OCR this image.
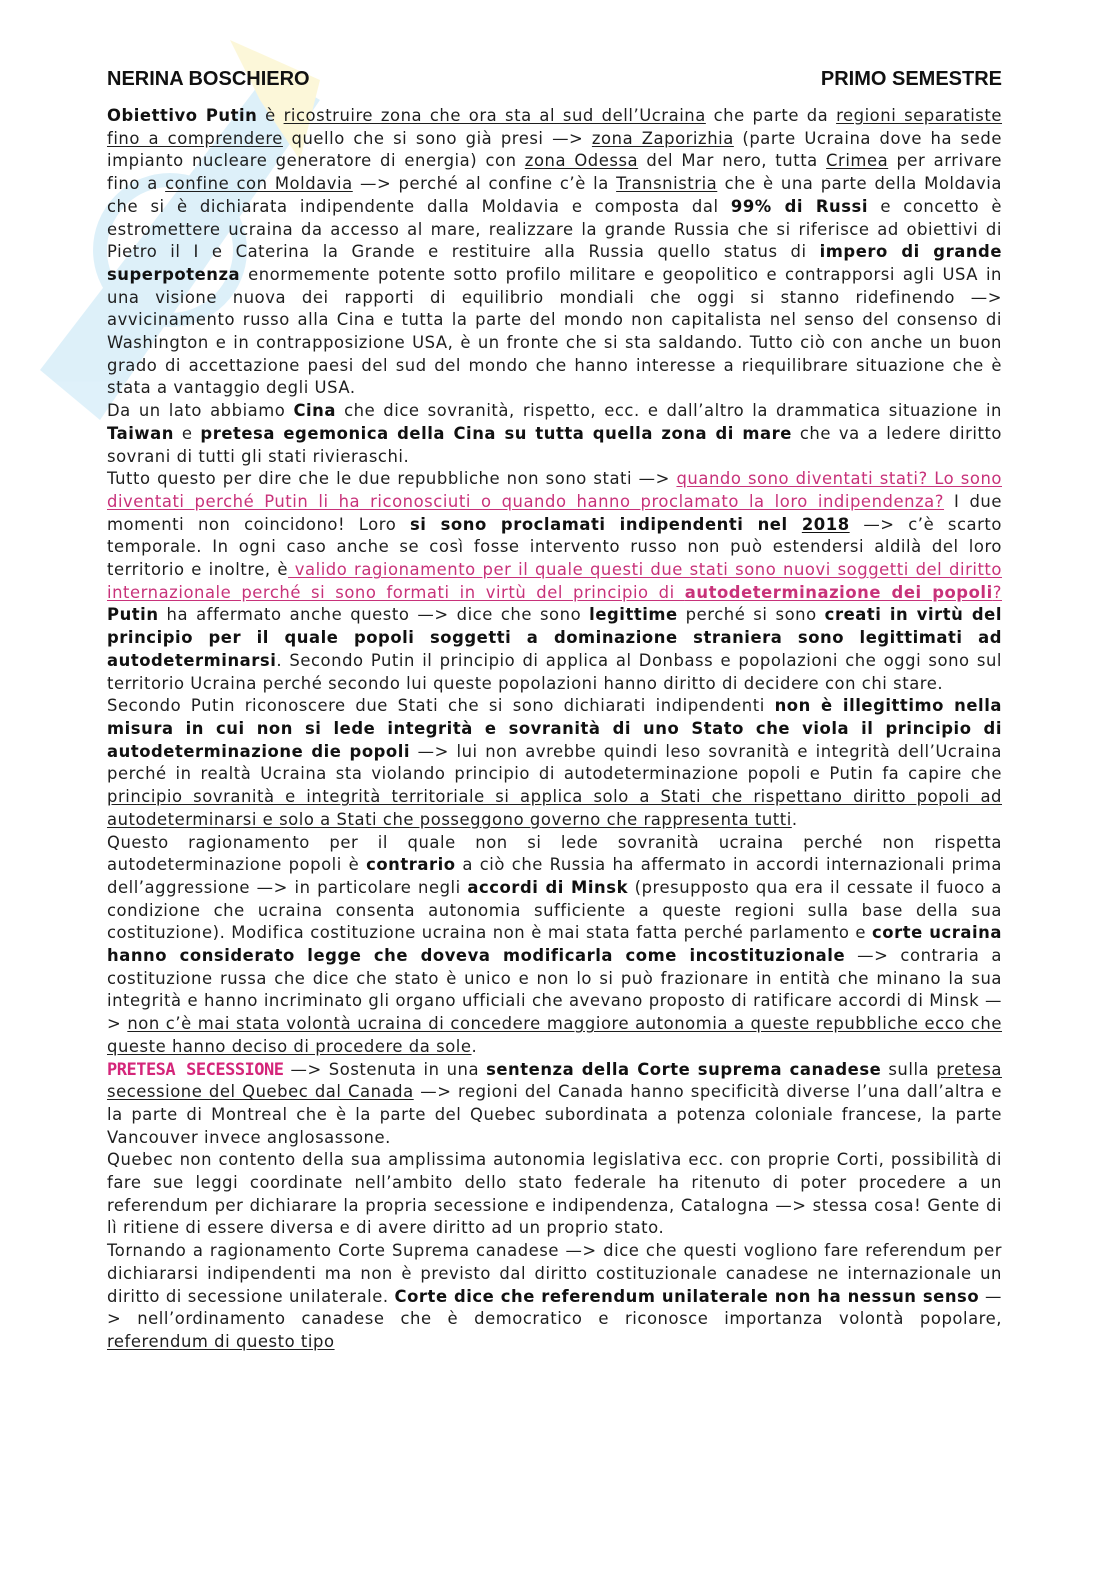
NERINA BOSCHIERO	PRIMO SEMESTRE

Obiettivo Putin è ricostruire zona che ora sta al sud dell’Ucraina che parte da regioni separatiste fino a comprendere quello che si sono già presi —> zona Zaporizhia (parte Ucraina dove ha sede impianto nucleare generatore di energia) con zona Odessa del Mar nero, tutta Crimea per arrivare fino a confine con Moldavia —> perché al confine c’è la Transnistria che è una parte della Moldavia che si è dichiarata indipendente dalla Moldavia e composta dal 99% di Russi e concetto è estromettere ucraina da accesso al mare, realizzare la grande Russia che si riferisce ad obiettivi di Pietro il I e Caterina la Grande e restituire alla Russia quello status di impero di grande superpotenza enormemente potente sotto profilo militare e geopolitico e contrapporsi agli USA in una visione nuova dei rapporti di equilibrio mondiali che oggi si stanno ridefinendo —> avvicinamento russo alla Cina e tutta la parte del mondo non capitalista nel senso del consenso di Washington e in contrapposizione USA, è un fronte che si sta saldando. Tutto ciò con anche un buon grado di accettazione paesi del sud del mondo che hanno interesse a riequilibrare situazione che è stata a vantaggio degli USA.

Da un lato abbiamo Cina che dice sovranità, rispetto, ecc. e dall’altro la drammatica situazione in Taiwan e pretesa egemonica della Cina su tutta quella zona di mare che va a ledere diritto sovrani di tutti gli stati rivieraschi.

Tutto questo per dire che le due repubbliche non sono stati —> quando sono diventati stati? Lo sono diventati perché Putin li ha riconosciuti o quando hanno proclamato la loro indipendenza? I due momenti non coincidono! Loro si sono proclamati indipendenti nel 2018 —> c’è scarto temporale. In ogni caso anche se così fosse intervento russo non può estendersi aldilà del loro territorio e inoltre, è valido ragionamento per il quale questi due stati sono nuovi soggetti del diritto internazionale perché si sono formati in virtù del principio di autodeterminazione dei popoli? Putin ha affermato anche questo —> dice che sono legittime perché si sono creati in virtù del principio per il quale popoli soggetti a dominazione straniera sono legittimati ad autodeterminarsi. Secondo Putin il principio di applica al Donbass e popolazioni che oggi sono sul territorio Ucraina perché secondo lui queste popolazioni hanno diritto di decidere con chi stare.

Secondo Putin riconoscere due Stati che si sono dichiarati indipendenti non è illegittimo nella misura in cui non si lede integrità e sovranità di uno Stato che viola il principio di autodeterminazione die popoli —> lui non avrebbe quindi leso sovranità e integrità dell’Ucraina perché in realtà Ucraina sta violando principio di autodeterminazione popoli e Putin fa capire che principio sovranità e integrità territoriale si applica solo a Stati che rispettano diritto popoli ad autodeterminarsi e solo a Stati che posseggono governo che rappresenta tutti.

Questo ragionamento per il quale non si lede sovranità ucraina perché non rispetta autodeterminazione popoli è contrario a ciò che Russia ha affermato in accordi internazionali prima dell’aggressione —> in particolare negli accordi di Minsk (presupposto qua era il cessate il fuoco a condizione che ucraina consenta autonomia sufficiente a queste regioni sulla base della sua costituzione). Modifica costituzione ucraina non è mai stata fatta perché parlamento e corte ucraina hanno considerato legge che doveva modificarla come incostituzionale —> contraria a costituzione russa che dice che stato è unico e non lo si può frazionare in entità che minano la sua integrità e hanno incriminato gli organo ufficiali che avevano proposto di ratificare accordi di Minsk —> non c’è mai stata volontà ucraina di concedere maggiore autonomia a queste repubbliche ecco che queste hanno deciso di procedere da sole.

PRETESA SECESSIONE —> Sostenuta in una sentenza della Corte suprema canadese sulla pretesa secessione del Quebec dal Canada —> regioni del Canada hanno specificità diverse l’una dall’altra e la parte di Montreal che è la parte del Quebec subordinata a potenza coloniale francese, la parte Vancouver invece anglosassone.

Quebec non contento della sua amplissima autonomia legislativa ecc. con proprie Corti, possibilità di fare sue leggi coordinate nell’ambito dello stato federale ha ritenuto di poter procedere a un referendum per dichiarare la propria secessione e indipendenza, Catalogna —> stessa cosa! Gente di lì ritiene di essere diversa e di avere diritto ad un proprio stato.

Tornando a ragionamento Corte Suprema canadese —> dice che questi vogliono fare referendum per dichiararsi indipendenti ma non è previsto dal diritto costituzionale canadese ne internazionale un diritto di secessione unilaterale. Corte dice che referendum unilaterale non ha nessun senso —> nell’ordinamento canadese che è democratico e riconosce importanza volontà popolare, referendum di questo tipo
